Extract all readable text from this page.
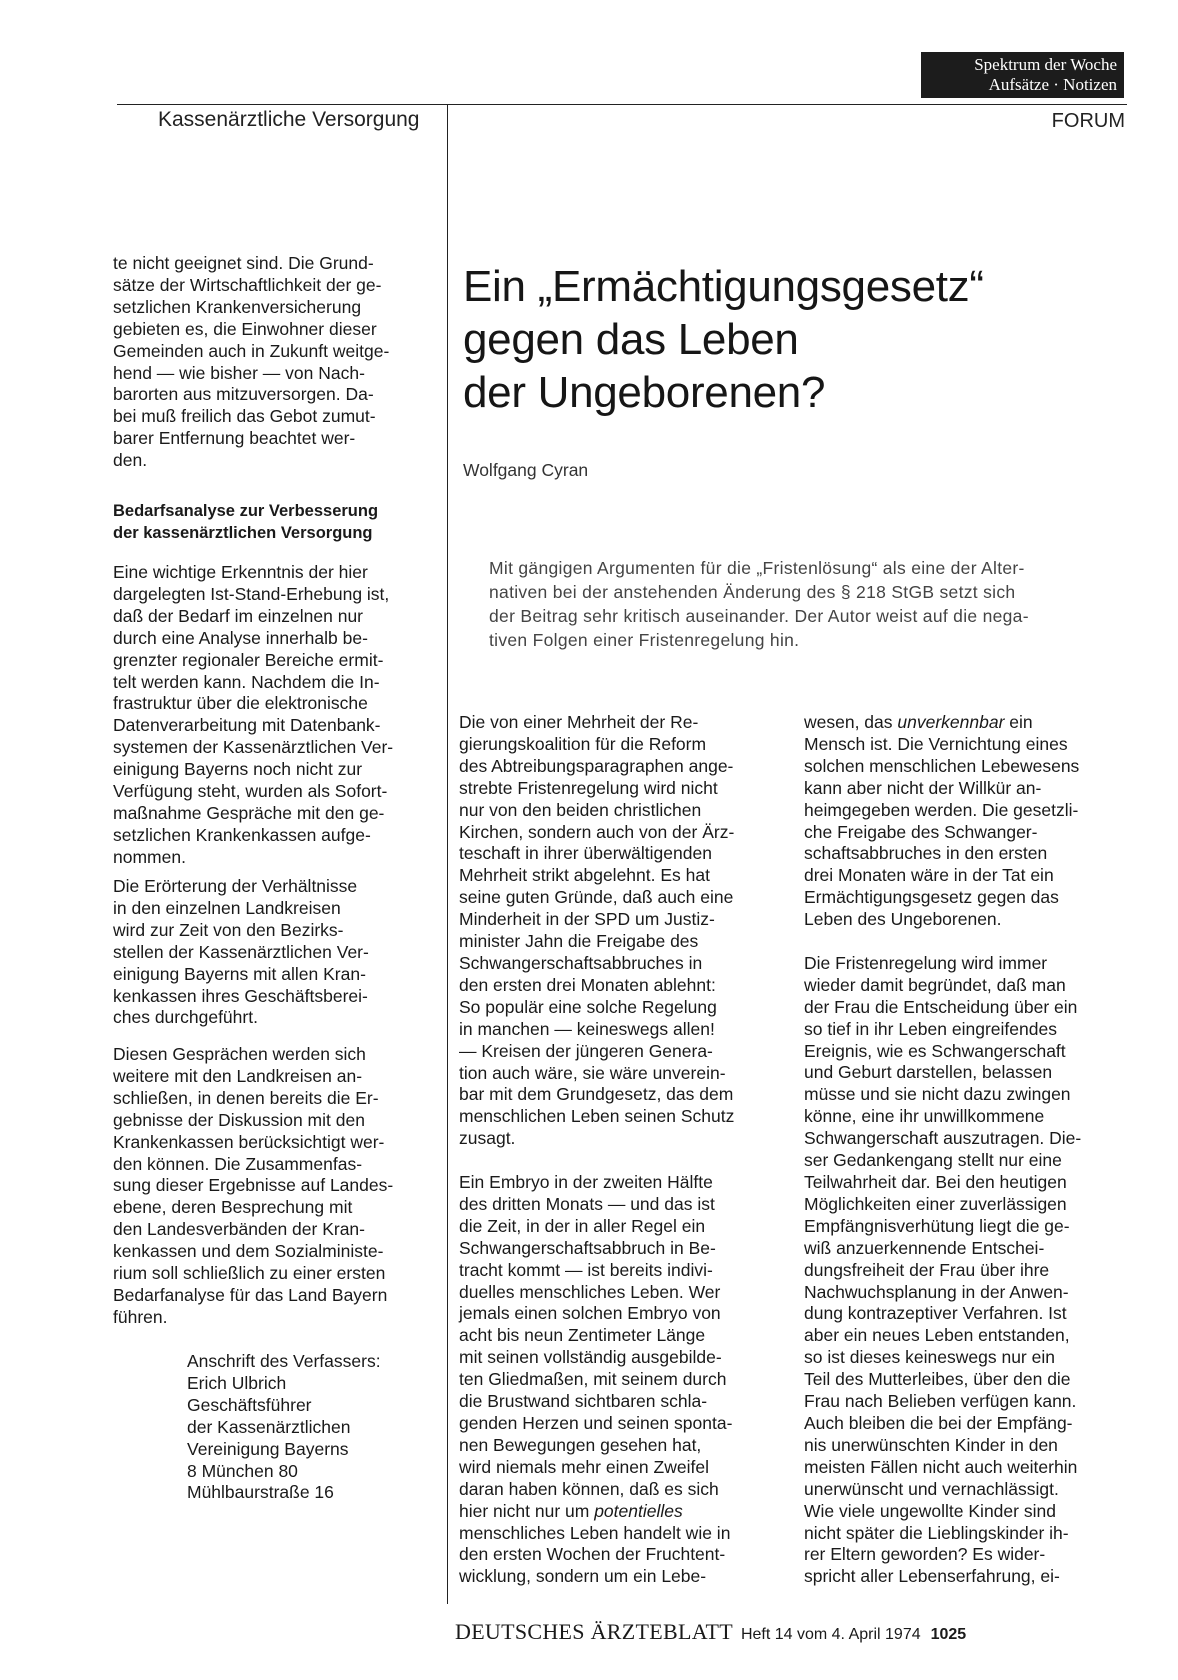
Spektrum der Woche
Aufsätze · Notizen
Kassenärztliche Versorgung	FORUM
te nicht geeignet sind. Die Grund-
sätze der Wirtschaftlichkeit der ge-
setzlichen Krankenversicherung
gebieten es, die Einwohner dieser
Gemeinden auch in Zukunft weitge-
hend — wie bisher — von Nach-
barorten aus mitzuversorgen. Da-
bei muß freilich das Gebot zumut-
barer Entfernung beachtet wer-
den.
Bedarfsanalyse zur Verbesserung
der kassenärztlichen Versorgung
Eine wichtige Erkenntnis der hier
dargelegten Ist-Stand-Erhebung ist,
daß der Bedarf im einzelnen nur
durch eine Analyse innerhalb be-
grenzter regionaler Bereiche ermit-
telt werden kann. Nachdem die In-
frastruktur über die elektronische
Datenverarbeitung mit Datenbank-
systemen der Kassenärztlichen Ver-
einigung Bayerns noch nicht zur
Verfügung steht, wurden als Sofort-
maßnahme Gespräche mit den ge-
setzlichen Krankenkassen aufge-
nommen.
Die Erörterung der Verhältnisse
in den einzelnen Landkreisen
wird zur Zeit von den Bezirks-
stellen der Kassenärztlichen Ver-
einigung Bayerns mit allen Kran-
kenkassen ihres Geschäftsberei-
ches durchgeführt.
Diesen Gesprächen werden sich
weitere mit den Landkreisen an-
schließen, in denen bereits die Er-
gebnisse der Diskussion mit den
Krankenkassen berücksichtigt wer-
den können. Die Zusammenfas-
sung dieser Ergebnisse auf Landes-
ebene, deren Besprechung mit
den Landesverbänden der Kran-
kenkassen und dem Sozialministe-
rium soll schließlich zu einer ersten
Bedarfanalyse für das Land Bayern
führen.
Anschrift des Verfassers:
Erich Ulbrich
Geschäftsführer
der Kassenärztlichen
Vereinigung Bayerns
8 München 80
Mühlbaurstraße 16
Ein „Ermächtigungsgesetz“
gegen das Leben
der Ungeborenen?
Wolfgang Cyran
Mit gängigen Argumenten für die „Fristenlösung“ als eine der Alter-
nativen bei der anstehenden Änderung des § 218 StGB setzt sich
der Beitrag sehr kritisch auseinander. Der Autor weist auf die nega-
tiven Folgen einer Fristenregelung hin.
Die von einer Mehrheit der Re-
gierungskoalition für die Reform
des Abtreibungsparagraphen ange-
strebte Fristenregelung wird nicht
nur von den beiden christlichen
Kirchen, sondern auch von der Ärz-
teschaft in ihrer überwältigenden
Mehrheit strikt abgelehnt. Es hat
seine guten Gründe, daß auch eine
Minderheit in der SPD um Justiz-
minister Jahn die Freigabe des
Schwangerschaftsabbruches in
den ersten drei Monaten ablehnt:
So populär eine solche Regelung
in manchen — keineswegs allen!
— Kreisen der jüngeren Genera-
tion auch wäre, sie wäre unverein-
bar mit dem Grundgesetz, das dem
menschlichen Leben seinen Schutz
zusagt.
Ein Embryo in der zweiten Hälfte
des dritten Monats — und das ist
die Zeit, in der in aller Regel ein
Schwangerschaftsabbruch in Be-
tracht kommt — ist bereits indivi-
duelles menschliches Leben. Wer
jemals einen solchen Embryo von
acht bis neun Zentimeter Länge
mit seinen vollständig ausgebilde-
ten Gliedmaßen, mit seinem durch
die Brustwand sichtbaren schla-
genden Herzen und seinen spontа-
nen Bewegungen gesehen hat,
wird niemals mehr einen Zweifel
daran haben können, daß es sich
hier nicht nur um potentielles
menschliches Leben handelt wie in
den ersten Wochen der Fruchtent-
wicklung, sondern um ein Lebe-
wesen, das unverkennbar ein
Mensch ist. Die Vernichtung eines
solchen menschlichen Lebewesens
kann aber nicht der Willkür an-
heimgegeben werden. Die gesetzli-
che Freigabe des Schwanger-
schaftsabbruches in den ersten
drei Monaten wäre in der Tat ein
Ermächtigungsgesetz gegen das
Leben des Ungeborenen.
Die Fristenregelung wird immer
wieder damit begründet, daß man
der Frau die Entscheidung über ein
so tief in ihr Leben eingreifendes
Ereignis, wie es Schwangerschaft
und Geburt darstellen, belassen
müsse und sie nicht dazu zwingen
könne, eine ihr unwillkommene
Schwangerschaft auszutragen. Die-
ser Gedankengang stellt nur eine
Teilwahrheit dar. Bei den heutigen
Möglichkeiten einer zuverlässigen
Empfängnisverhütung liegt die ge-
wiß anzuerkennende Entschei-
dungsfreiheit der Frau über ihre
Nachwuchsplanung in der Anwen-
dung kontrazeptiver Verfahren. Ist
aber ein neues Leben entstanden,
so ist dieses keineswegs nur ein
Teil des Mutterleibes, über den die
Frau nach Belieben verfügen kann.
Auch bleiben die bei der Empfäng-
nis unerwünschten Kinder in den
meisten Fällen nicht auch weiterhin
unerwünscht und vernachlässigt.
Wie viele ungewollte Kinder sind
nicht später die Lieblingskinder ih-
rer Eltern geworden? Es wider-
spricht aller Lebenserfahrung, ei-
DEUTSCHES ÄRZTEBLATT Heft 14 vom 4. April 1974 1025
